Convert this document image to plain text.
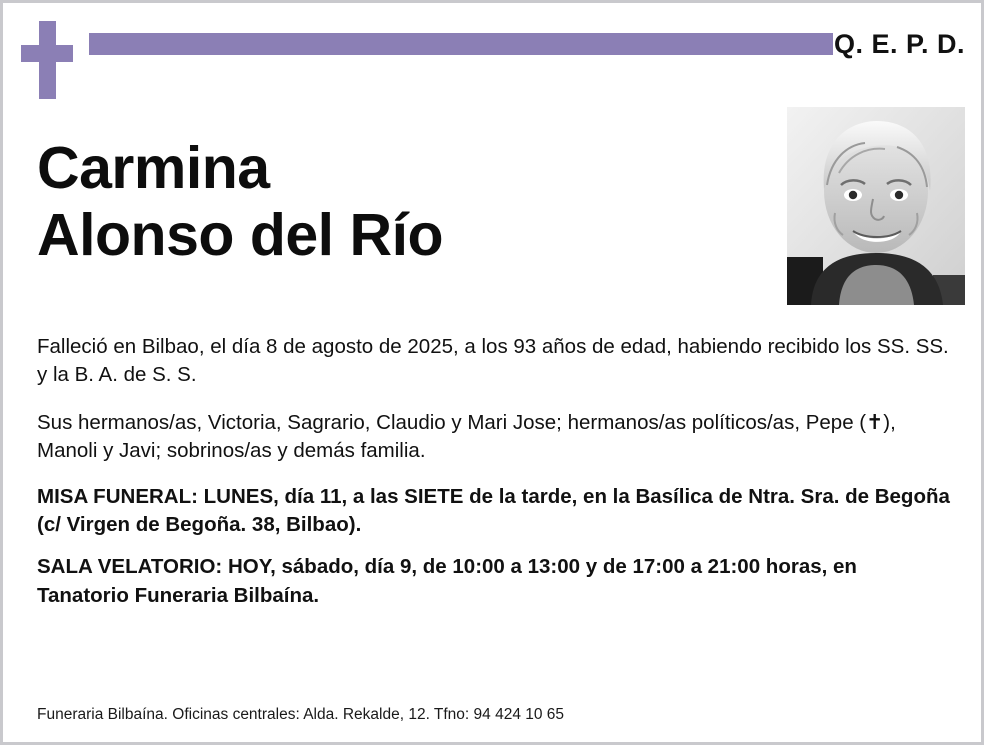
Q. E. P. D.
Carmina
Alonso del Río

Falleció en Bilbao, el día 8 de agosto de 2025, a los 93 años de edad, habiendo recibido los SS. SS. y la B. A. de S. S.

Sus hermanos/as, Victoria, Sagrario, Claudio y Mari Jose; hermanos/as políticos/as, Pepe (✝), Manoli y Javi; sobrinos/as y demás familia.

MISA FUNERAL: LUNES, día 11, a las SIETE de la tarde, en la Basílica de Ntra. Sra. de Begoña (c/ Virgen de Begoña. 38, Bilbao).

SALA VELATORIO: HOY, sábado, día 9, de 10:00 a 13:00 y de 17:00 a 21:00 horas, en Tanatorio Funeraria Bilbaína.

Funeraria Bilbaína. Oficinas centrales: Alda. Rekalde, 12. Tfno: 94 424 10 65
